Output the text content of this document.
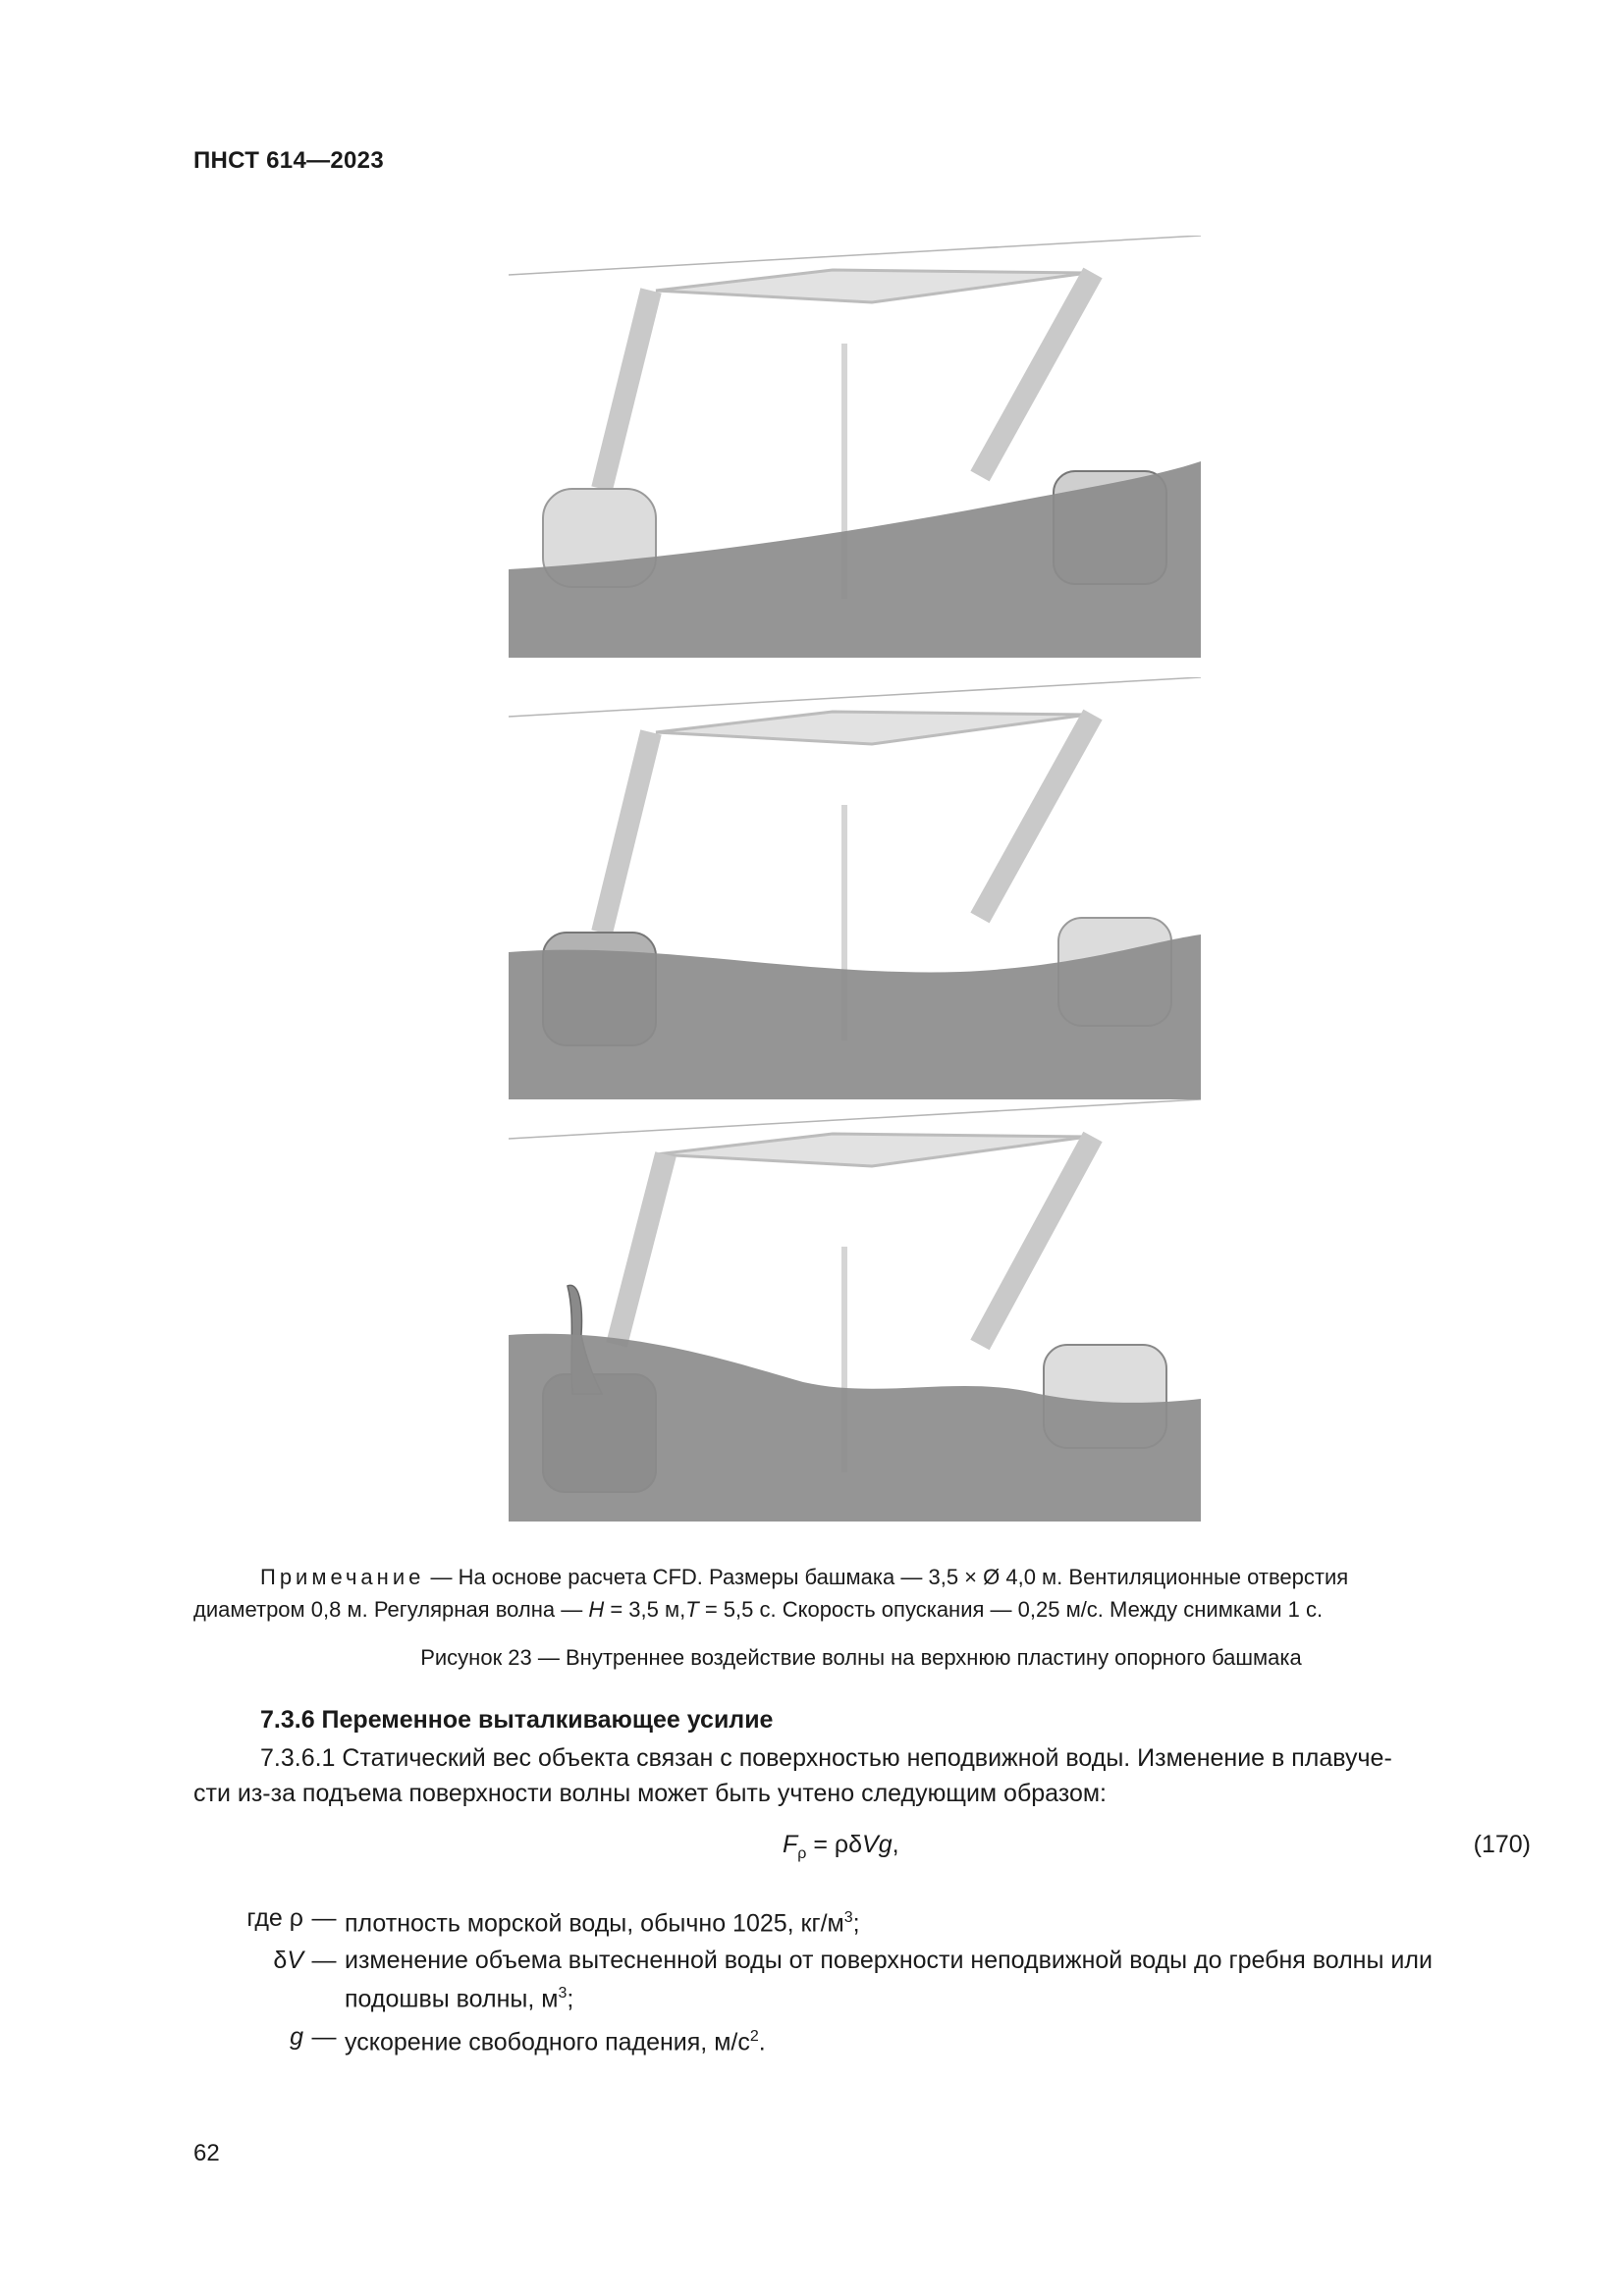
ПНСТ 614—2023
Примечание — На основе расчета CFD. Размеры башмака — 3,5 × Ø 4,0 м. Вентиляционные отверстия
диаметром 0,8 м. Регулярная волна — H = 3,5 м,T = 5,5 с. Скорость опускания — 0,25 м/с. Между снимками 1 с.
Рисунок 23 — Внутреннее воздействие волны на верхнюю пластину опорного башмака
7.3.6 Переменное выталкивающее усилие
7.3.6.1 Статический вес объекта связан с поверхностью неподвижной воды. Изменение в плавуче-
сти из-за подъема поверхности волны может быть учтено следующим образом:
$F_\rho = \rho\delta Vg$,	(170)
где ρ — плотность морской воды, обычно 1025, $кг/м^3$;
δV — изменение объема вытесненной воды от поверхности неподвижной воды до гребня волны или подошвы волны, $м^3$;
g — ускорение свободного падения, $м/с^2$.
62
